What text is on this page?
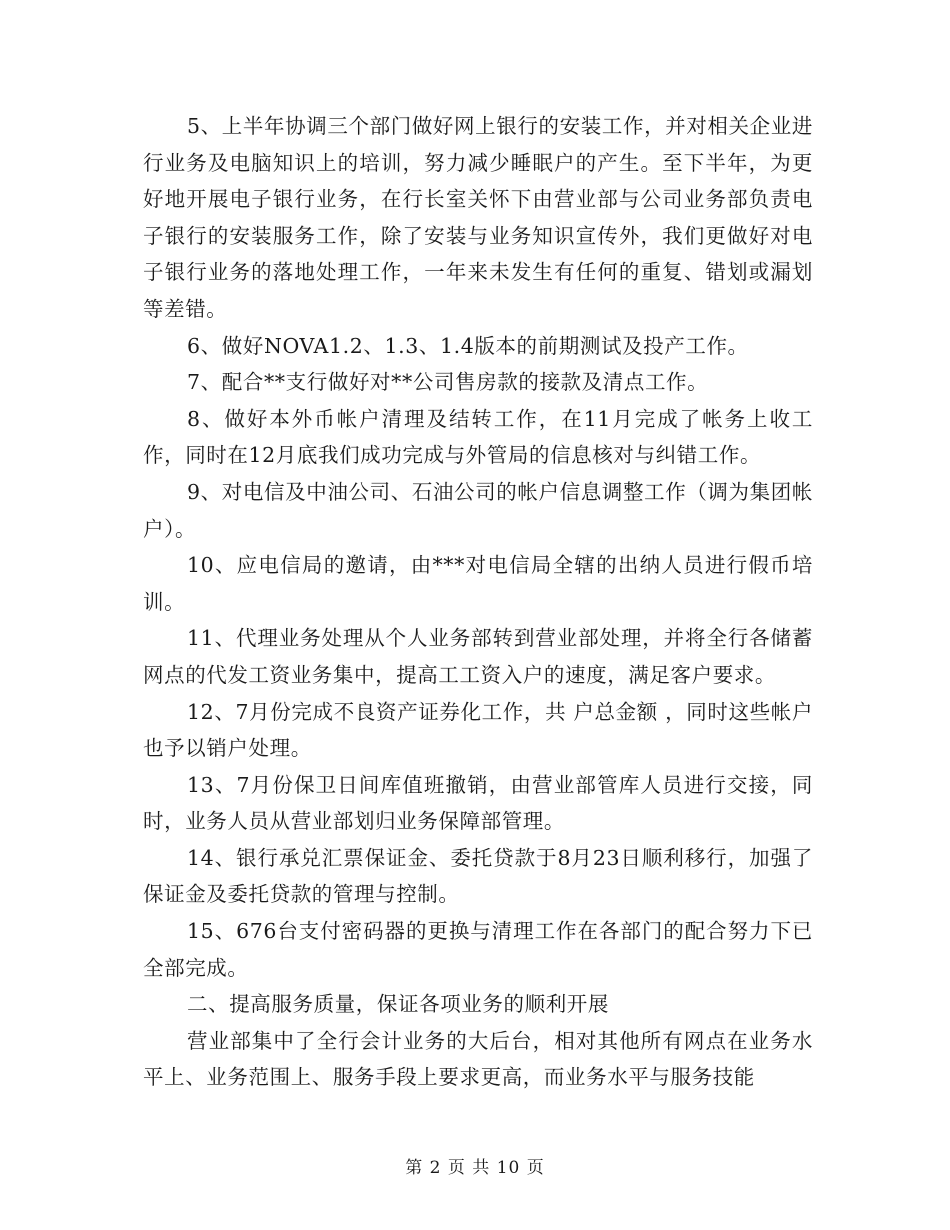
5、上半年协调三个部门做好网上银行的安装工作，并对相关企业进行业务及电脑知识上的培训，努力减少睡眠户的产生。至下半年，为更好地开展电子银行业务，在行长室关怀下由营业部与公司业务部负责电子银行的安装服务工作，除了安装与业务知识宣传外，我们更做好对电子银行业务的落地处理工作，一年来未发生有任何的重复、错划或漏划等差错。

6、做好NOVA1.2、1.3、1.4版本的前期测试及投产工作。

7、配合**支行做好对**公司售房款的接款及清点工作。

8、做好本外币帐户清理及结转工作，在11月完成了帐务上收工作，同时在12月底我们成功完成与外管局的信息核对与纠错工作。

9、对电信及中油公司、石油公司的帐户信息调整工作（调为集团帐户）。

10、应电信局的邀请，由***对电信局全辖的出纳人员进行假币培训。

11、代理业务处理从个人业务部转到营业部处理，并将全行各储蓄网点的代发工资业务集中，提高工工资入户的速度，满足客户要求。

12、7月份完成不良资产证券化工作，共 户总金额 ，同时这些帐户也予以销户处理。

13、7月份保卫日间库值班撤销，由营业部管库人员进行交接，同时，业务人员从营业部划归业务保障部管理。

14、银行承兑汇票保证金、委托贷款于8月23日顺利移行，加强了保证金及委托贷款的管理与控制。

15、676台支付密码器的更换与清理工作在各部门的配合努力下已全部完成。

二、提高服务质量，保证各项业务的顺利开展

营业部集中了全行会计业务的大后台，相对其他所有网点在业务水平上、业务范围上、服务手段上要求更高，而业务水平与服务技能

第 2 页 共 10 页
